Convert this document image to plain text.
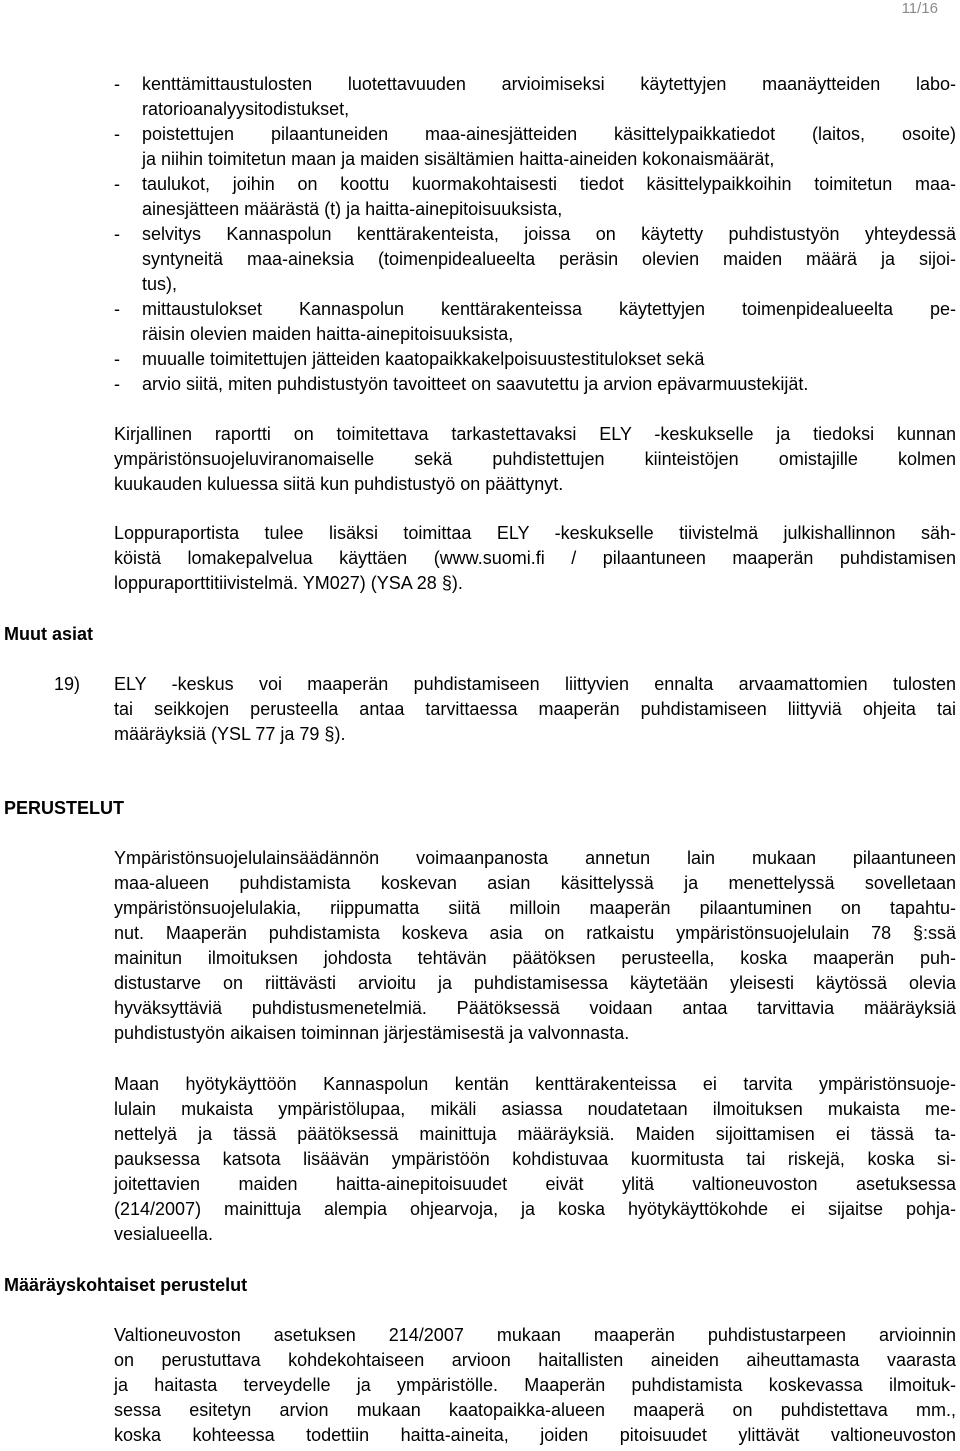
11/16
- kenttämittaustulosten luotettavuuden arvioimiseksi käytettyjen maanäytteiden labo-
ratorioanalyysitodistukset,
- poistettujen pilaantuneiden maa-ainesjätteiden käsittelypaikkatiedot (laitos, osoite)
ja niihin toimitetun maan ja maiden sisältämien haitta-aineiden kokonaismäärät,
- taulukot, joihin on koottu kuormakohtaisesti tiedot käsittelypaikkoihin toimitetun maa-
ainesjätteen määrästä (t) ja haitta-ainepitoisuuksista,
- selvitys Kannaspolun kenttärakenteista, joissa on käytetty puhdistustyön yhteydessä
syntyneitä maa-aineksia (toimenpidealueelta peräsin olevien maiden määrä ja sijoi-
tus),
- mittaustulokset Kannaspolun kenttärakenteissa käytettyjen toimenpidealueelta pe-
räisin olevien maiden haitta-ainepitoisuuksista,
- muualle toimitettujen jätteiden kaatopaikkakelpoisuustestitulokset sekä
- arvio siitä, miten puhdistustyön tavoitteet on saavutettu ja arvion epävarmuustekijät.
Kirjallinen raportti on toimitettava tarkastettavaksi ELY -keskukselle ja tiedoksi kunnan
ympäristönsuojeluviranomaiselle sekä puhdistettujen kiinteistöjen omistajille kolmen
kuukauden kuluessa siitä kun puhdistustyö on päättynyt.
Loppuraportista tulee lisäksi toimittaa ELY -keskukselle tiivistelmä julkishallinnon säh-
köistä lomakepalvelua käyttäen (www.suomi.fi / pilaantuneen maaperän puhdistamisen
loppuraporttitiivistelmä. YM027) (YSA 28 §).
Muut asiat
19) ELY -keskus voi maaperän puhdistamiseen liittyvien ennalta arvaamattomien tulosten
tai seikkojen perusteella antaa tarvittaessa maaperän puhdistamiseen liittyviä ohjeita tai
määräyksiä (YSL 77 ja 79 §).
PERUSTELUT
Ympäristönsuojelulainsäädännön voimaanpanosta annetun lain mukaan pilaantuneen
maa-alueen puhdistamista koskevan asian käsittelyssä ja menettelyssä sovelletaan
ympäristönsuojelulakia, riippumatta siitä milloin maaperän pilaantuminen on tapahtu-
nut. Maaperän puhdistamista koskeva asia on ratkaistu ympäristönsuojelulain 78 §:ssä
mainitun ilmoituksen johdosta tehtävän päätöksen perusteella, koska maaperän puh-
distustarve on riittävästi arvioitu ja puhdistamisessa käytetään yleisesti käytössä olevia
hyväksyttäviä puhdistusmenetelmiä. Päätöksessä voidaan antaa tarvittavia määräyksiä
puhdistustyön aikaisen toiminnan järjestämisestä ja valvonnasta.
Maan hyötykäyttöön Kannaspolun kentän kenttärakenteissa ei tarvita ympäristönsuoje-
lulain mukaista ympäristölupaa, mikäli asiassa noudatetaan ilmoituksen mukaista me-
nettelyä ja tässä päätöksessä mainittuja määräyksiä. Maiden sijoittamisen ei tässä ta-
pauksessa katsota lisäävän ympäristöön kohdistuvaa kuormitusta tai riskejä, koska si-
joitettavien maiden haitta-ainepitoisuudet eivät ylitä valtioneuvoston asetuksessa
(214/2007) mainittuja alempia ohjearvoja, ja koska hyötykäyttökohde ei sijaitse pohja-
vesialueella.
Määräyskohtaiset perustelut
Valtioneuvoston asetuksen 214/2007 mukaan maaperän puhdistustarpeen arvioinnin
on perustuttava kohdekohtaiseen arvioon haitallisten aineiden aiheuttamasta vaarasta
ja haitasta terveydelle ja ympäristölle. Maaperän puhdistamista koskevassa ilmoituk-
sessa esitetyn arvion mukaan kaatopaikka-alueen maaperä on puhdistettava mm.,
koska kohteessa todettiin haitta-aineita, joiden pitoisuudet ylittävät valtioneuvoston
